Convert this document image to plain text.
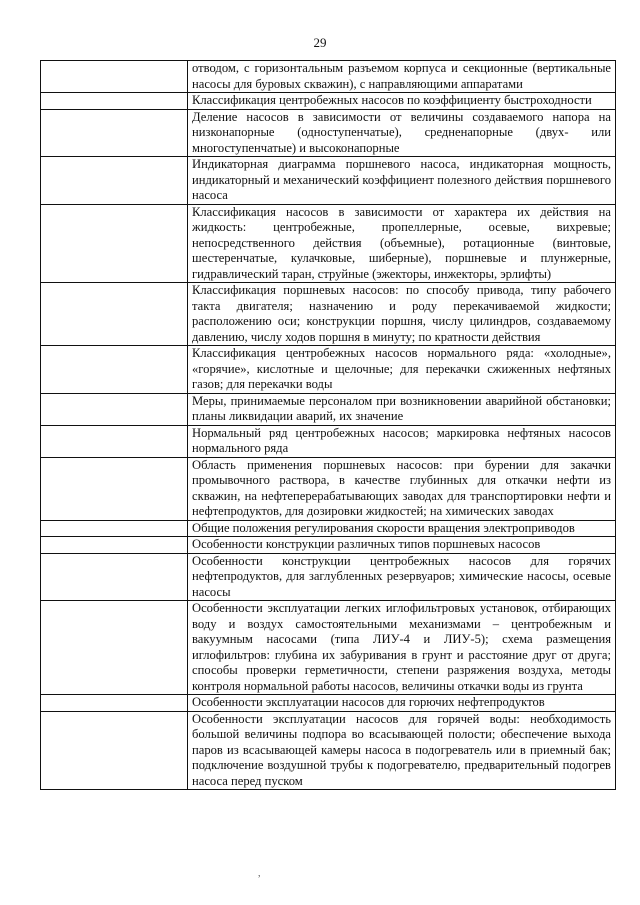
29
	отводом, с горизонтальным разъемом корпуса и секционные (вертикальные насосы для буровых скважин), с направляющими аппаратами
	Классификация центробежных насосов по коэффициенту быстроходности
	Деление насосов в зависимости от величины создаваемого напора на низконапорные (одноступенчатые), средненапорные (двух- или многоступенчатые) и высоконапорные
	Индикаторная диаграмма поршневого насоса, индикаторная мощность, индикаторный и механический коэффициент полезного действия поршневого насоса
	Классификация насосов в зависимости от характера их действия на жидкость: центробежные, пропеллерные, осевые, вихревые; непосредственного действия (объемные), ротационные (винтовые, шестеренчатые, кулачковые, шиберные), поршневые и плунжерные, гидравлический таран, струйные (эжекторы, инжекторы, эрлифты)
	Классификация поршневых насосов: по способу привода, типу рабочего такта двигателя; назначению и роду перекачиваемой жидкости; расположению оси; конструкции поршня, числу цилиндров, создаваемому давлению, числу ходов поршня в минуту; по кратности действия
	Классификация центробежных насосов нормального ряда: «холодные», «горячие», кислотные и щелочные; для перекачки сжиженных нефтяных газов; для перекачки воды
	Меры, принимаемые персоналом при возникновении аварийной обстановки; планы ликвидации аварий, их значение
	Нормальный ряд центробежных насосов; маркировка нефтяных насосов нормального ряда
	Область применения поршневых насосов: при бурении для закачки промывочного раствора, в качестве глубинных для откачки нефти из скважин, на нефтеперерабатывающих заводах для транспортировки нефти и нефтепродуктов, для дозировки жидкостей; на химических заводах
	Общие положения регулирования скорости вращения электроприводов
	Особенности конструкции различных типов поршневых насосов
	Особенности конструкции центробежных насосов для горячих нефтепродуктов, для заглубленных резервуаров; химические насосы, осевые насосы
	Особенности эксплуатации легких иглофильтровых установок, отбирающих воду и воздух самостоятельными механизмами – центробежным и вакуумным насосами (типа ЛИУ-4 и ЛИУ-5); схема размещения иглофильтров: глубина их забуривания в грунт и расстояние друг от друга; способы проверки герметичности, степени разряжения воздуха, методы контроля нормальной работы насосов, величины откачки воды из грунта
	Особенности эксплуатации насосов для горючих нефтепродуктов
	Особенности эксплуатации насосов для горячей воды: необходимость большой величины подпора во всасывающей полости; обеспечение выхода паров из всасывающей камеры насоса в подогреватель или в приемный бак; подключение воздушной трубы к подогревателю, предварительный подогрев насоса перед пуском
,
